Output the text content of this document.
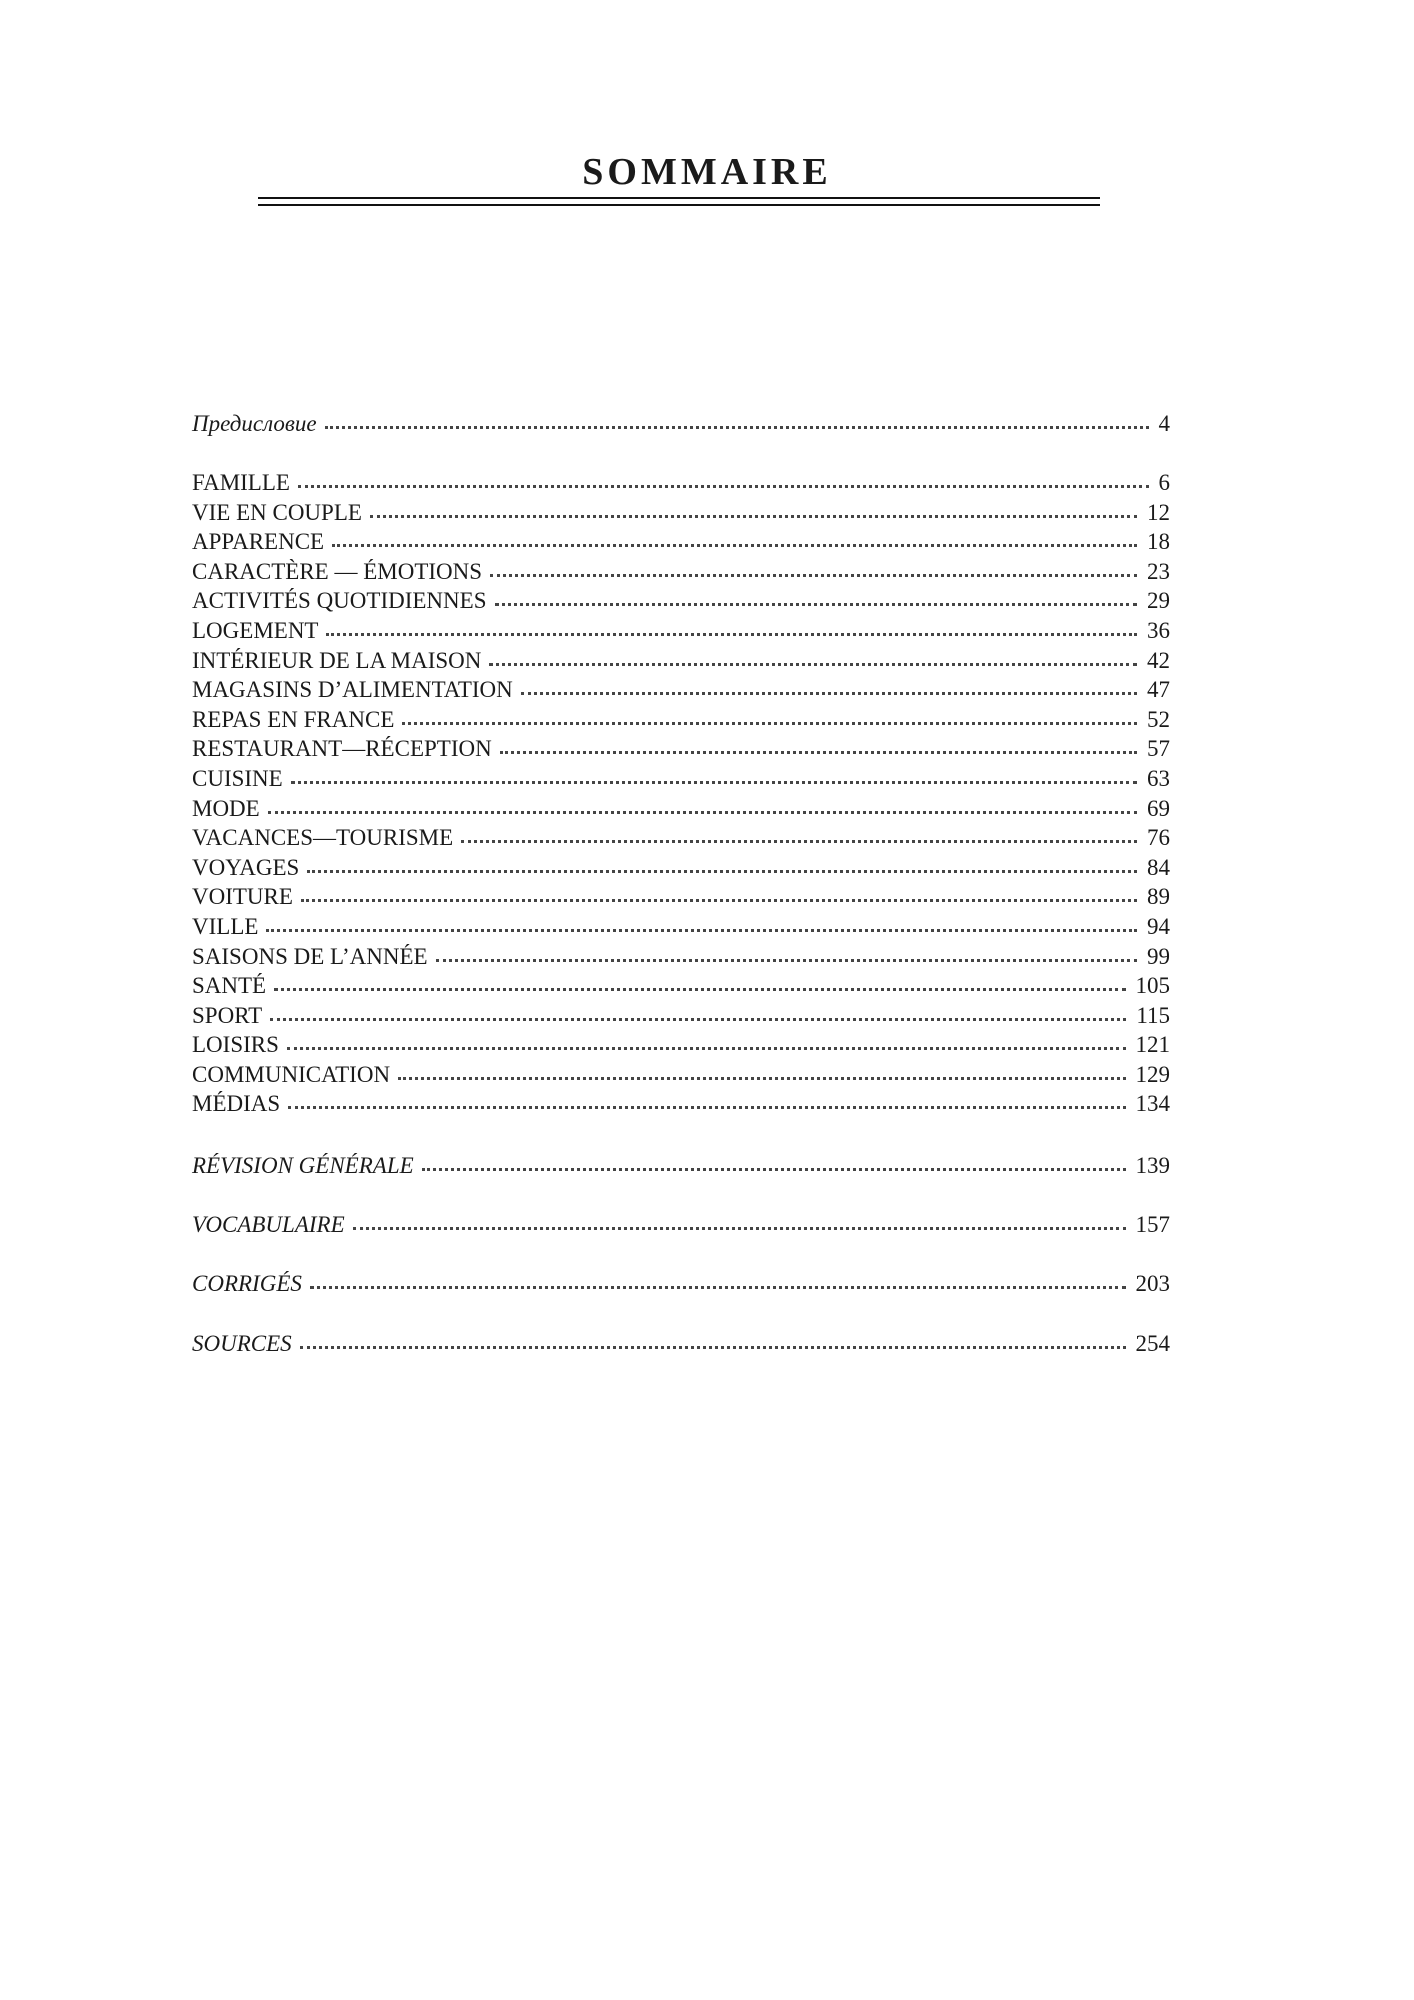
SOMMAIRE
Предисловие	4
FAMILLE	6
VIE EN COUPLE	12
APPARENCE	18
CARACTÈRE — ÉMOTIONS	23
ACTIVITÉS QUOTIDIENNES	29
LOGEMENT	36
INTÉRIEUR DE LA MAISON	42
MAGASINS D’ALIMENTATION	47
REPAS EN FRANCE	52
RESTAURANT—RÉCEPTION	57
CUISINE	63
MODE	69
VACANCES—TOURISME	76
VOYAGES	84
VOITURE	89
VILLE	94
SAISONS DE L’ANNÉE	99
SANTÉ	105
SPORT	115
LOISIRS	121
COMMUNICATION	129
MÉDIAS	134
RÉVISION GÉNÉRALE	139
VOCABULAIRE	157
CORRIGÉS	203
SOURCES	254
